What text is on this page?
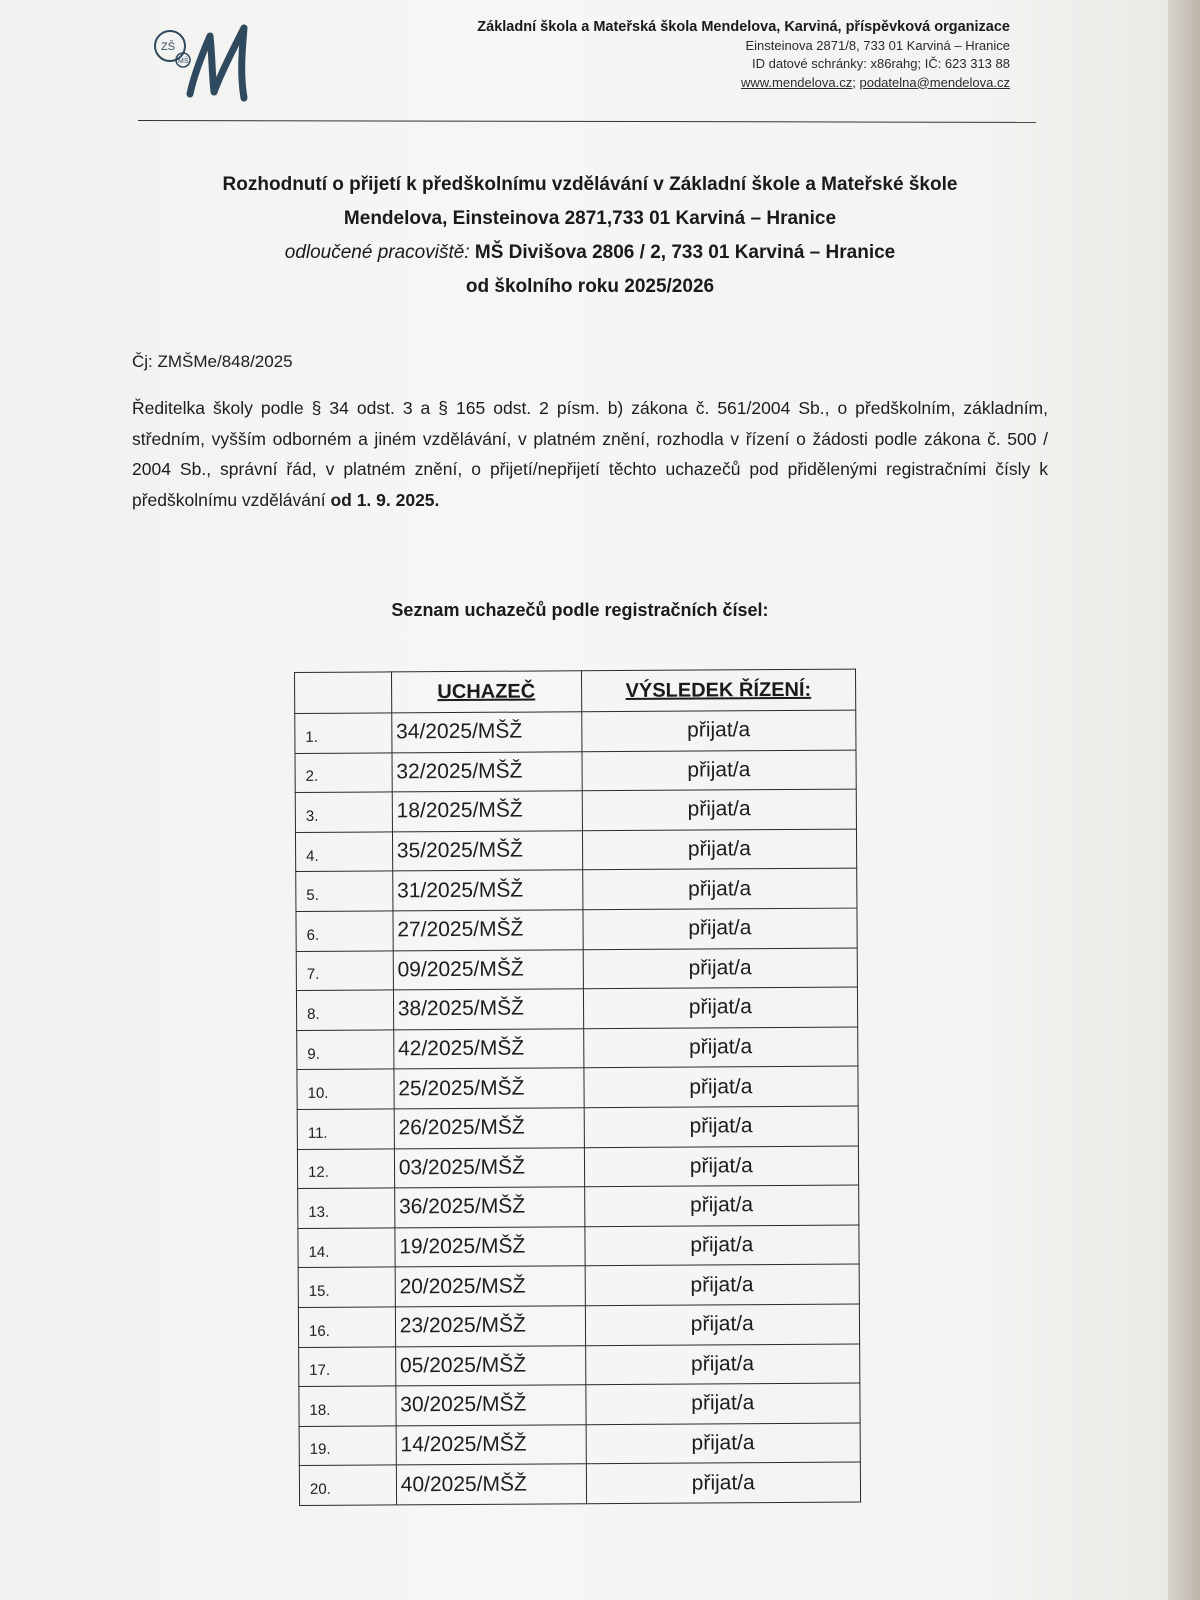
ZŠ
MŠ
Základní škola a Mateřská škola Mendelova, Karviná, příspěvková organizace
Einsteinova 2871/8, 733 01 Karviná – Hranice
ID datové schránky: x86rahg; IČ: 623 313 88
www.mendelova.cz; podatelna@mendelova.cz
Rozhodnutí o přijetí k předškolnímu vzdělávání v Základní škole a Mateřské škole
Mendelova, Einsteinova 2871,733 01 Karviná – Hranice
odloučené pracoviště: MŠ Divišova 2806 / 2, 733 01 Karviná – Hranice
od školního roku 2025/2026
Čj: ZMŠMe/848/2025
Ředitelka školy podle § 34 odst. 3 a § 165 odst. 2 písm. b) zákona č. 561/2004 Sb., o předškolním, základním, středním, vyšším odborném a jiném vzdělávání, v platném znění, rozhodla v řízení o žádosti podle zákona č. 500 / 2004 Sb., správní řád, v platném znění, o přijetí/nepřijetí těchto uchazečů pod přidělenými registračními čísly k předškolnímu vzdělávání od 1. 9. 2025.
Seznam uchazečů podle registračních čísel:
	UCHAZEČ	VÝSLEDEK ŘÍZENÍ:
1.	34/2025/MŠŽ	přijat/a
2.	32/2025/MŠŽ	přijat/a
3.	18/2025/MŠŽ	přijat/a
4.	35/2025/MŠŽ	přijat/a
5.	31/2025/MŠŽ	přijat/a
6.	27/2025/MŠŽ	přijat/a
7.	09/2025/MŠŽ	přijat/a
8.	38/2025/MŠŽ	přijat/a
9.	42/2025/MŠŽ	přijat/a
10.	25/2025/MŠŽ	přijat/a
11.	26/2025/MŠŽ	přijat/a
12.	03/2025/MŠŽ	přijat/a
13.	36/2025/MŠŽ	přijat/a
14.	19/2025/MŠŽ	přijat/a
15.	20/2025/MSŽ	přijat/a
16.	23/2025/MŠŽ	přijat/a
17.	05/2025/MŠŽ	přijat/a
18.	30/2025/MŠŽ	přijat/a
19.	14/2025/MŠŽ	přijat/a
20.	40/2025/MŠŽ	přijat/a
